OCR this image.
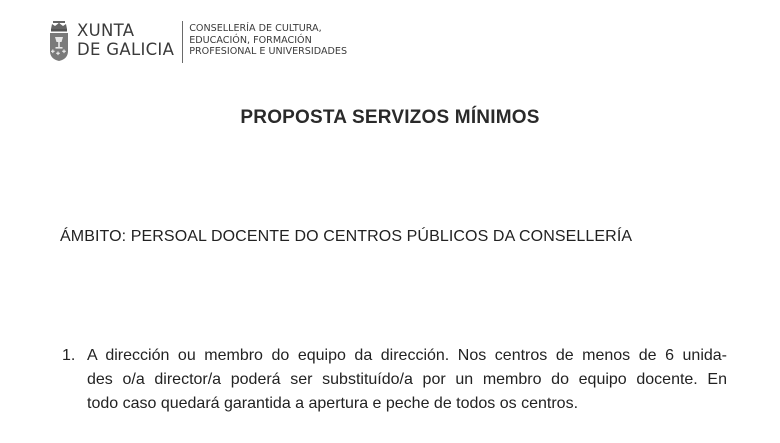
XUNTA
DE GALICIA
CONSELLERÍA DE CULTURA,
EDUCACIÓN, FORMACIÓN
PROFESIONAL E UNIVERSIDADES
PROPOSTA SERVIZOS MÍNIMOS

ÁMBITO: PERSOAL DOCENTE DO CENTROS PÚBLICOS DA CONSELLERÍA

1. A dirección ou membro do equipo da dirección. Nos centros de menos de 6 unida-
des o/a director/a poderá ser substituído/a por un membro do equipo docente. En
todo caso quedará garantida a apertura e peche de todos os centros.
